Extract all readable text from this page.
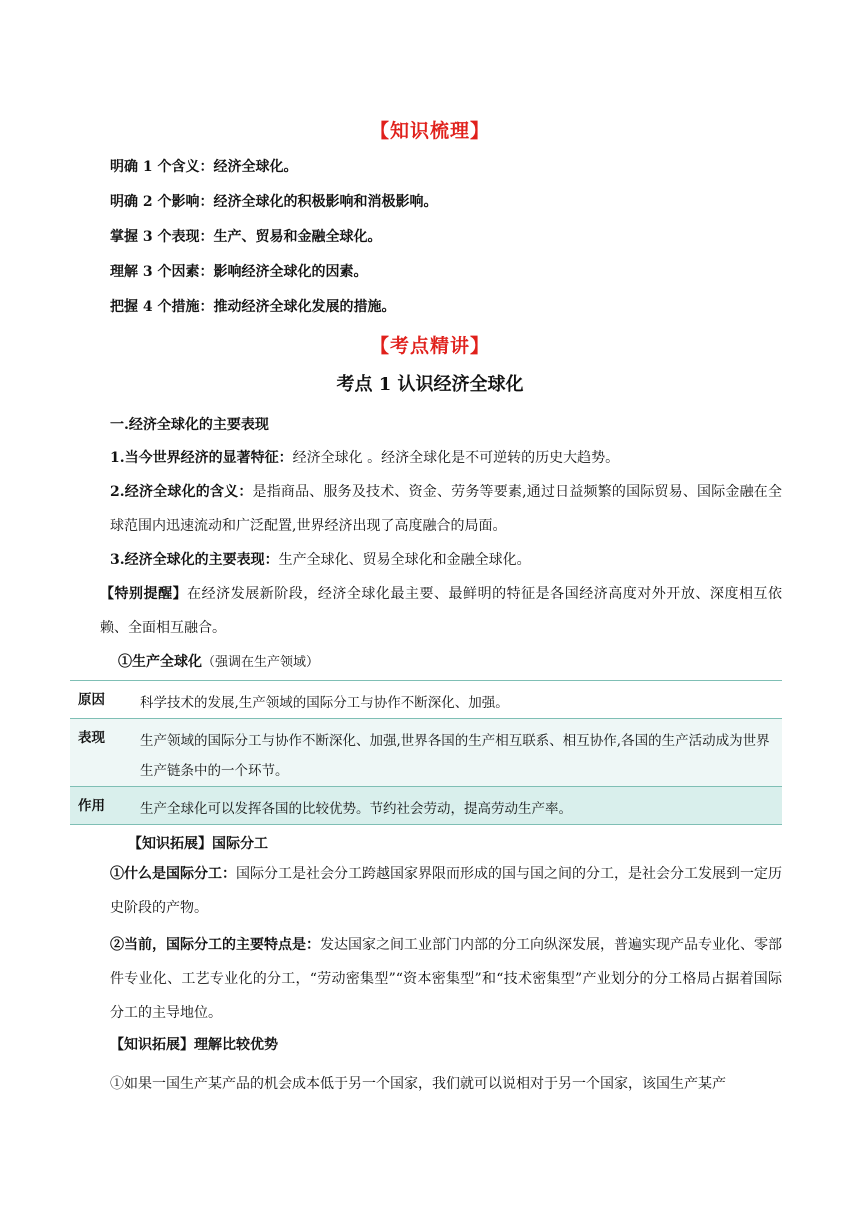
【知识梳理】
明确 1 个含义：经济全球化。
明确 2 个影响：经济全球化的积极影响和消极影响。
掌握 3 个表现：生产、贸易和金融全球化。
理解 3 个因素：影响经济全球化的因素。
把握 4 个措施：推动经济全球化发展的措施。
【考点精讲】
考点 1 认识经济全球化
一.经济全球化的主要表现
1.当今世界经济的显著特征：经济全球化 。经济全球化是不可逆转的历史大趋势。
2.经济全球化的含义：是指商品、服务及技术、资金、劳务等要素,通过日益频繁的国际贸易、国际金融在全球范围内迅速流动和广泛配置,世界经济出现了高度融合的局面。
3.经济全球化的主要表现：生产全球化、贸易全球化和金融全球化。
【特别提醒】在经济发展新阶段，经济全球化最主要、最鲜明的特征是各国经济高度对外开放、深度相互依赖、全面相互融合。
①生产全球化（强调在生产领域）
原因	科学技术的发展,生产领域的国际分工与协作不断深化、加强。
表现	生产领域的国际分工与协作不断深化、加强,世界各国的生产相互联系、相互协作,各国的生产活动成为世界生产链条中的一个环节。
作用	生产全球化可以发挥各国的比较优势。节约社会劳动，提高劳动生产率。
【知识拓展】国际分工
①什么是国际分工：国际分工是社会分工跨越国家界限而形成的国与国之间的分工，是社会分工发展到一定历史阶段的产物。
②当前，国际分工的主要特点是：发达国家之间工业部门内部的分工向纵深发展，普遍实现产品专业化、零部件专业化、工艺专业化的分工，“劳动密集型”“资本密集型”和“技术密集型”产业划分的分工格局占据着国际分工的主导地位。
【知识拓展】理解比较优势
①如果一国生产某产品的机会成本低于另一个国家，我们就可以说相对于另一个国家，该国生产某产
